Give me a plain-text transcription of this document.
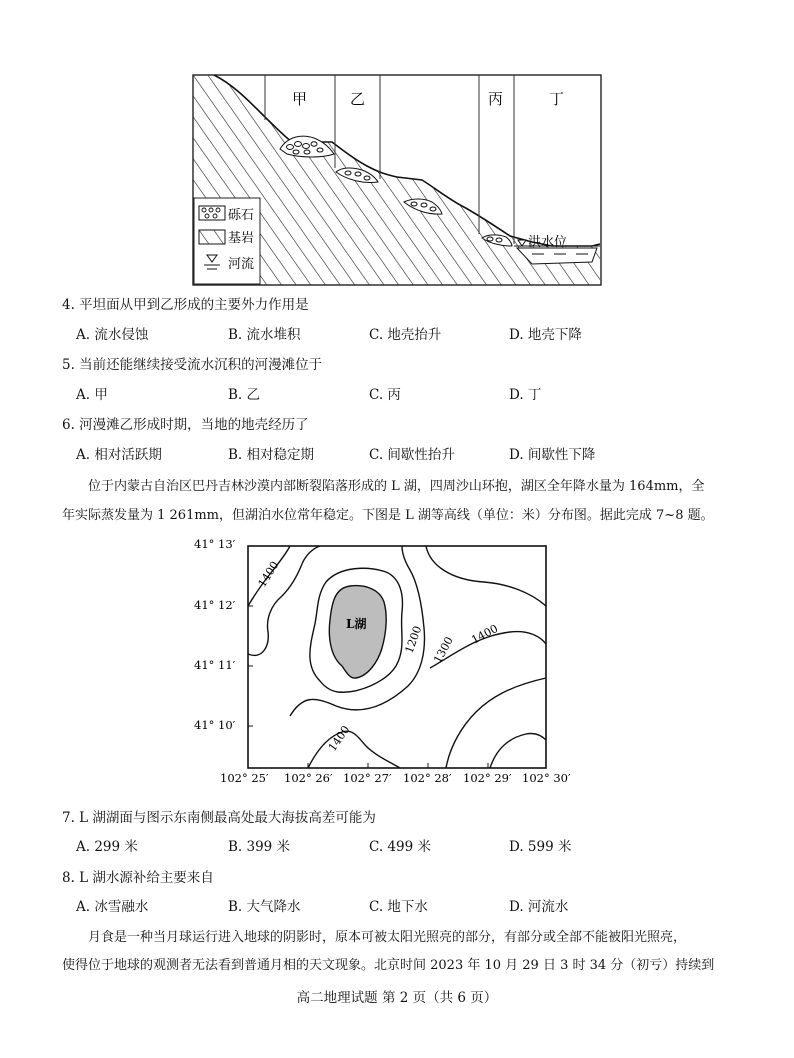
洪水位
甲	乙	丙	丁
砾石
基岩
河流
4. 平坦面从甲到乙形成的主要外力作用是
A. 流水侵蚀	B. 流水堆积	C. 地壳抬升	D. 地壳下降
5. 当前还能继续接受流水沉积的河漫滩位于
A. 甲	B. 乙	C. 丙	D. 丁
6. 河漫滩乙形成时期，当地的地壳经历了
A. 相对活跃期	B. 相对稳定期	C. 间歇性抬升	D. 间歇性下降
位于内蒙古自治区巴丹吉林沙漠内部断裂陷落形成的 L 湖，四周沙山环抱，湖区全年降水量为 164mm，全
年实际蒸发量为 1 261mm，但湖泊水位常年稳定。下图是 L 湖等高线（单位：米）分布图。据此完成 7~8 题。
41° 13′
41° 12′
41° 11′
41° 10′
102° 25′ 102° 26′ 102° 27′ 102° 28′ 102° 29′ 102° 30′
L湖
1400
1200 1300
1400
1400
7. L 湖湖面与图示东南侧最高处最大海拔高差可能为
A. 299 米	B. 399 米	C. 499 米	D. 599 米
8. L 湖水源补给主要来自
A. 冰雪融水	B. 大气降水	C. 地下水	D. 河流水
月食是一种当月球运行进入地球的阴影时，原本可被太阳光照亮的部分，有部分或全部不能被阳光照亮，
使得位于地球的观测者无法看到普通月相的天文现象。北京时间 2023 年 10 月 29 日 3 时 34 分（初亏）持续到
高二地理试题 第 2 页（共 6 页）
